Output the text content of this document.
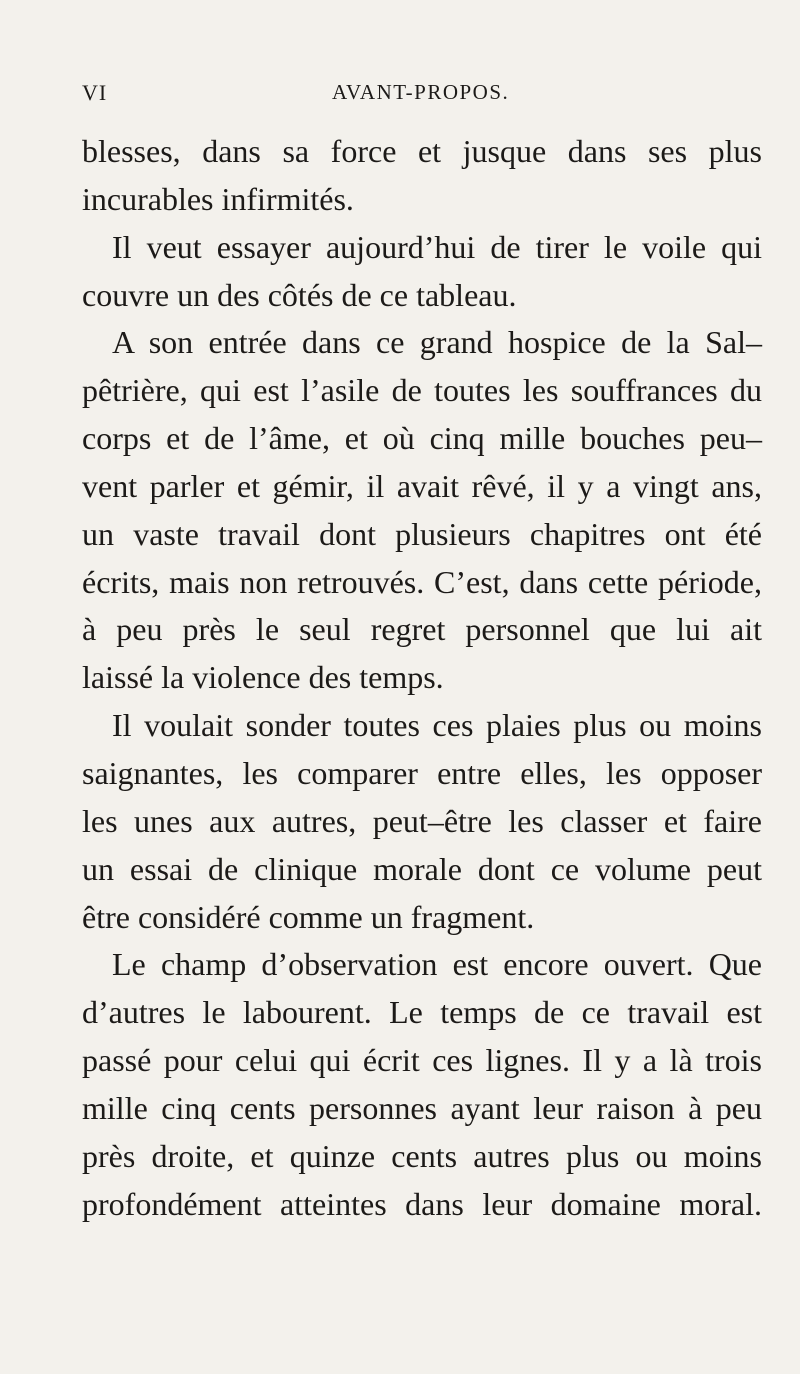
VI	AVANT-PROPOS.
blesses, dans sa force et jusque dans ses plus
incurables infirmités.
Il veut essayer aujourd’hui de tirer le voile qui
couvre un des côtés de ce tableau.
A son entrée dans ce grand hospice de la Sal–
pêtrière, qui est l’asile de toutes les souffrances du
corps et de l’âme, et où cinq mille bouches peu–
vent parler et gémir, il avait rêvé, il y a vingt ans,
un vaste travail dont plusieurs chapitres ont été
écrits, mais non retrouvés. C’est, dans cette période,
à peu près le seul regret personnel que lui ait
laissé la violence des temps.
Il voulait sonder toutes ces plaies plus ou moins
saignantes, les comparer entre elles, les opposer
les unes aux autres, peut–être les classer et faire
un essai de clinique morale dont ce volume peut
être considéré comme un fragment.
Le champ d’observation est encore ouvert. Que
d’autres le labourent. Le temps de ce travail est
passé pour celui qui écrit ces lignes. Il y a là trois
mille cinq cents personnes ayant leur raison à peu
près droite, et quinze cents autres plus ou moins
profondément atteintes dans leur domaine moral.
